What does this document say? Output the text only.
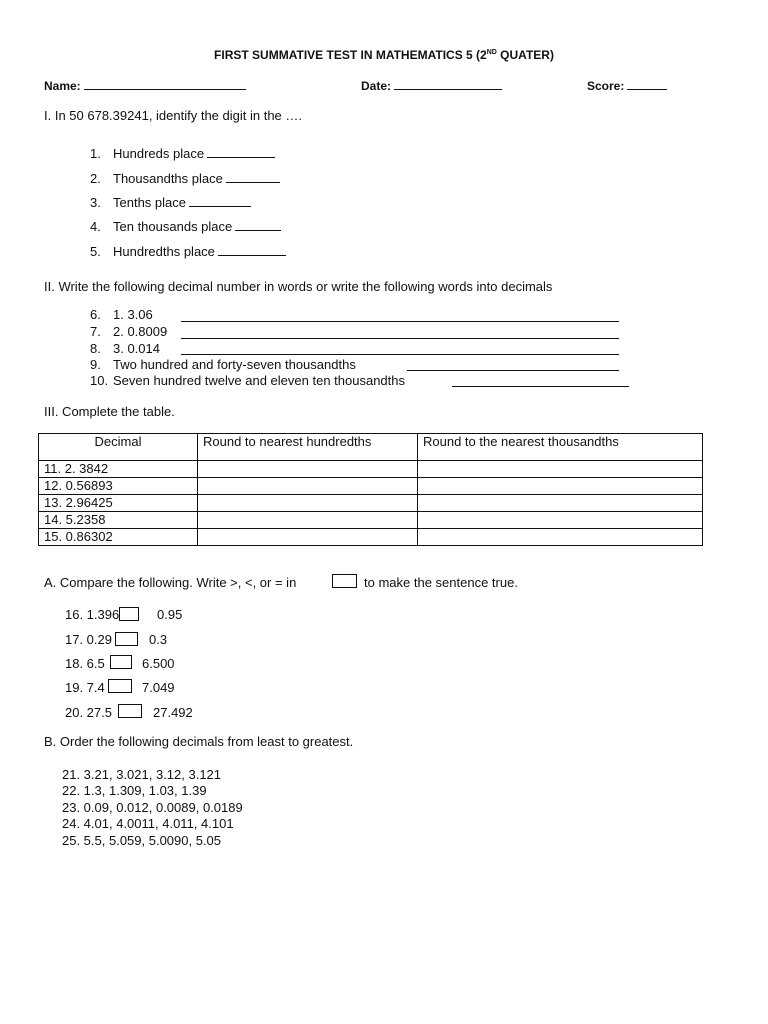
FIRST SUMMATIVE TEST IN MATHEMATICS 5 (2ND QUATER)
Name:	Date:	Score:
I. In 50 678.39241, identify the digit in the ….
1. Hundreds place
2. Thousandths place
3. Tenths place
4. Ten thousands place
5. Hundredths place
II. Write the following decimal number in words or write the following words into decimals
6. 1. 3.06
7. 2. 0.8009
8. 3. 0.014
9. Two hundred and forty-seven thousandths
10. Seven hundred twelve and eleven ten thousandths
III. Complete the table.
Decimal	Round to nearest hundredths	Round to the nearest thousandths
11. 2. 3842		
12. 0.56893		
13. 2.96425		
14. 5.2358		
15. 0.86302		
A. Compare the following. Write >, <, or = in	to make the sentence true.
16. 1.396	0.95
17. 0.29	0.3
18. 6.5	6.500
19. 7.4	7.049
20. 27.5	27.492
B. Order the following decimals from least to greatest.
21. 3.21, 3.021, 3.12, 3.121
22. 1.3, 1.309, 1.03, 1.39
23. 0.09, 0.012, 0.0089, 0.0189
24. 4.01, 4.0011, 4.011, 4.101
25. 5.5, 5.059, 5.0090, 5.05
